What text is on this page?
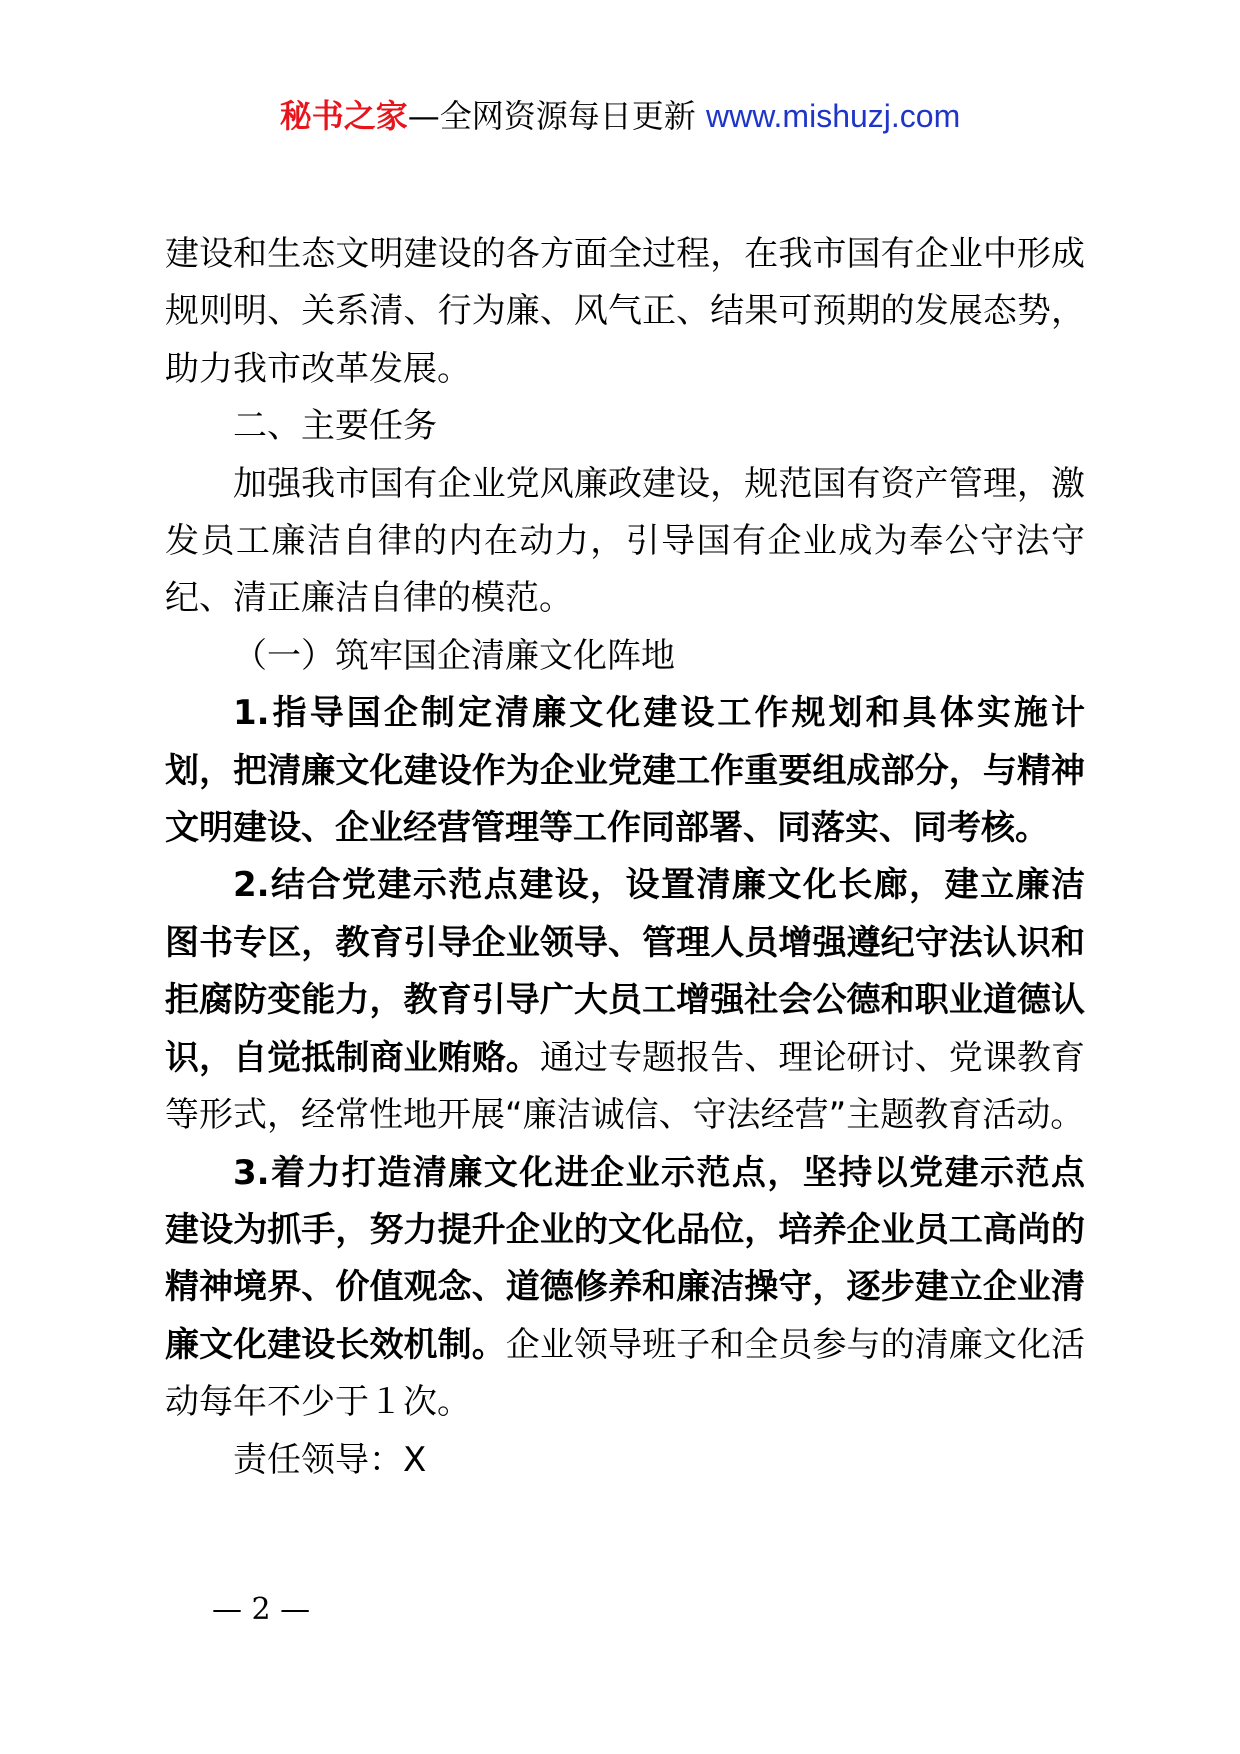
秘书之家—全网资源每日更新 www.mishuzj.com

建设和生态文明建设的各方面全过程，在我市国有企业中形成规则明、关系清、行为廉、风气正、结果可预期的发展态势，助力我市改革发展。

二、主要任务

加强我市国有企业党风廉政建设，规范国有资产管理，激发员工廉洁自律的内在动力，引导国有企业成为奉公守法守纪、清正廉洁自律的模范。

（一）筑牢国企清廉文化阵地

1.指导国企制定清廉文化建设工作规划和具体实施计划，把清廉文化建设作为企业党建工作重要组成部分，与精神文明建设、企业经营管理等工作同部署、同落实、同考核。

2.结合党建示范点建设，设置清廉文化长廊，建立廉洁图书专区，教育引导企业领导、管理人员增强遵纪守法认识和拒腐防变能力，教育引导广大员工增强社会公德和职业道德认识，自觉抵制商业贿赂。通过专题报告、理论研讨、党课教育等形式，经常性地开展“廉洁诚信、守法经营”主题教育活动。

3.着力打造清廉文化进企业示范点，坚持以党建示范点建设为抓手，努力提升企业的文化品位，培养企业员工高尚的精神境界、价值观念、道德修养和廉洁操守，逐步建立企业清廉文化建设长效机制。企业领导班子和全员参与的清廉文化活动每年不少于１次。

责任领导：X

— 2 —
